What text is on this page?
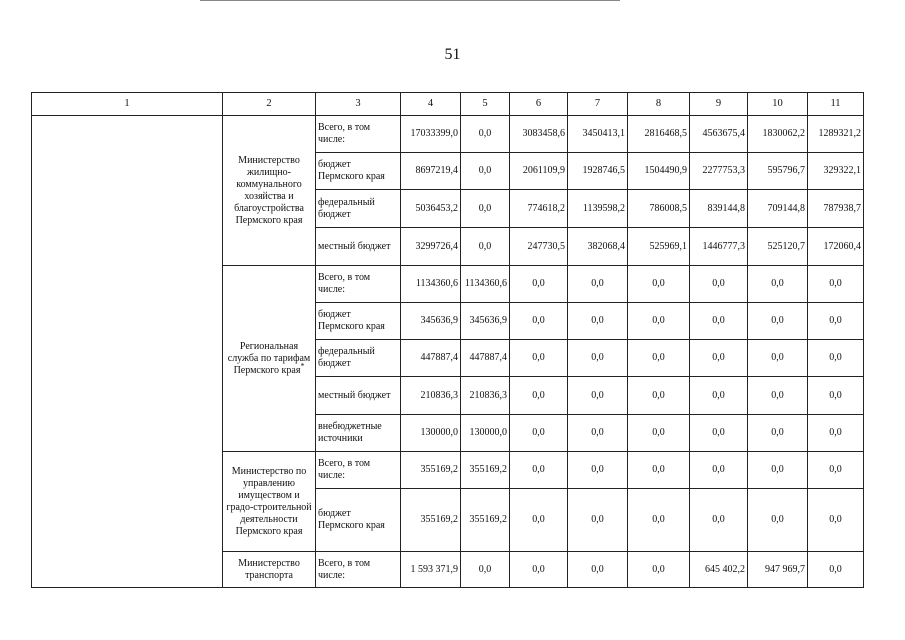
51
1	2	3	4	5	6	7	8	9	10	11
	Министерство жилищно-коммунального хозяйства и благоустройства Пермского края	Всего, в том числе:	17033399,0	0,0	3083458,6	3450413,1	2816468,5	4563675,4	1830062,2	1289321,2
		бюджет Пермского края	8697219,4	0,0	2061109,9	1928746,5	1504490,9	2277753,3	595796,7	329322,1
		федеральный бюджет	5036453,2	0,0	774618,2	1139598,2	786008,5	839144,8	709144,8	787938,7
		местный бюджет	3299726,4	0,0	247730,5	382068,4	525969,1	1446777,3	525120,7	172060,4
	Региональная служба по тарифам Пермского края*	Всего, в том числе:	1134360,6	1134360,6	0,0	0,0	0,0	0,0	0,0	0,0
		бюджет Пермского края	345636,9	345636,9	0,0	0,0	0,0	0,0	0,0	0,0
		федеральный бюджет	447887,4	447887,4	0,0	0,0	0,0	0,0	0,0	0,0
		местный бюджет	210836,3	210836,3	0,0	0,0	0,0	0,0	0,0	0,0
		внебюджетные источники	130000,0	130000,0	0,0	0,0	0,0	0,0	0,0	0,0
	Министерство по управлению имуществом и градо-строительной деятельности Пермского края	Всего, в том числе:	355169,2	355169,2	0,0	0,0	0,0	0,0	0,0	0,0
		бюджет Пермского края	355169,2	355169,2	0,0	0,0	0,0	0,0	0,0	0,0
	Министерство транспорта	Всего, в том числе:	1 593 371,9	0,0	0,0	0,0	0,0	645 402,2	947 969,7	0,0
